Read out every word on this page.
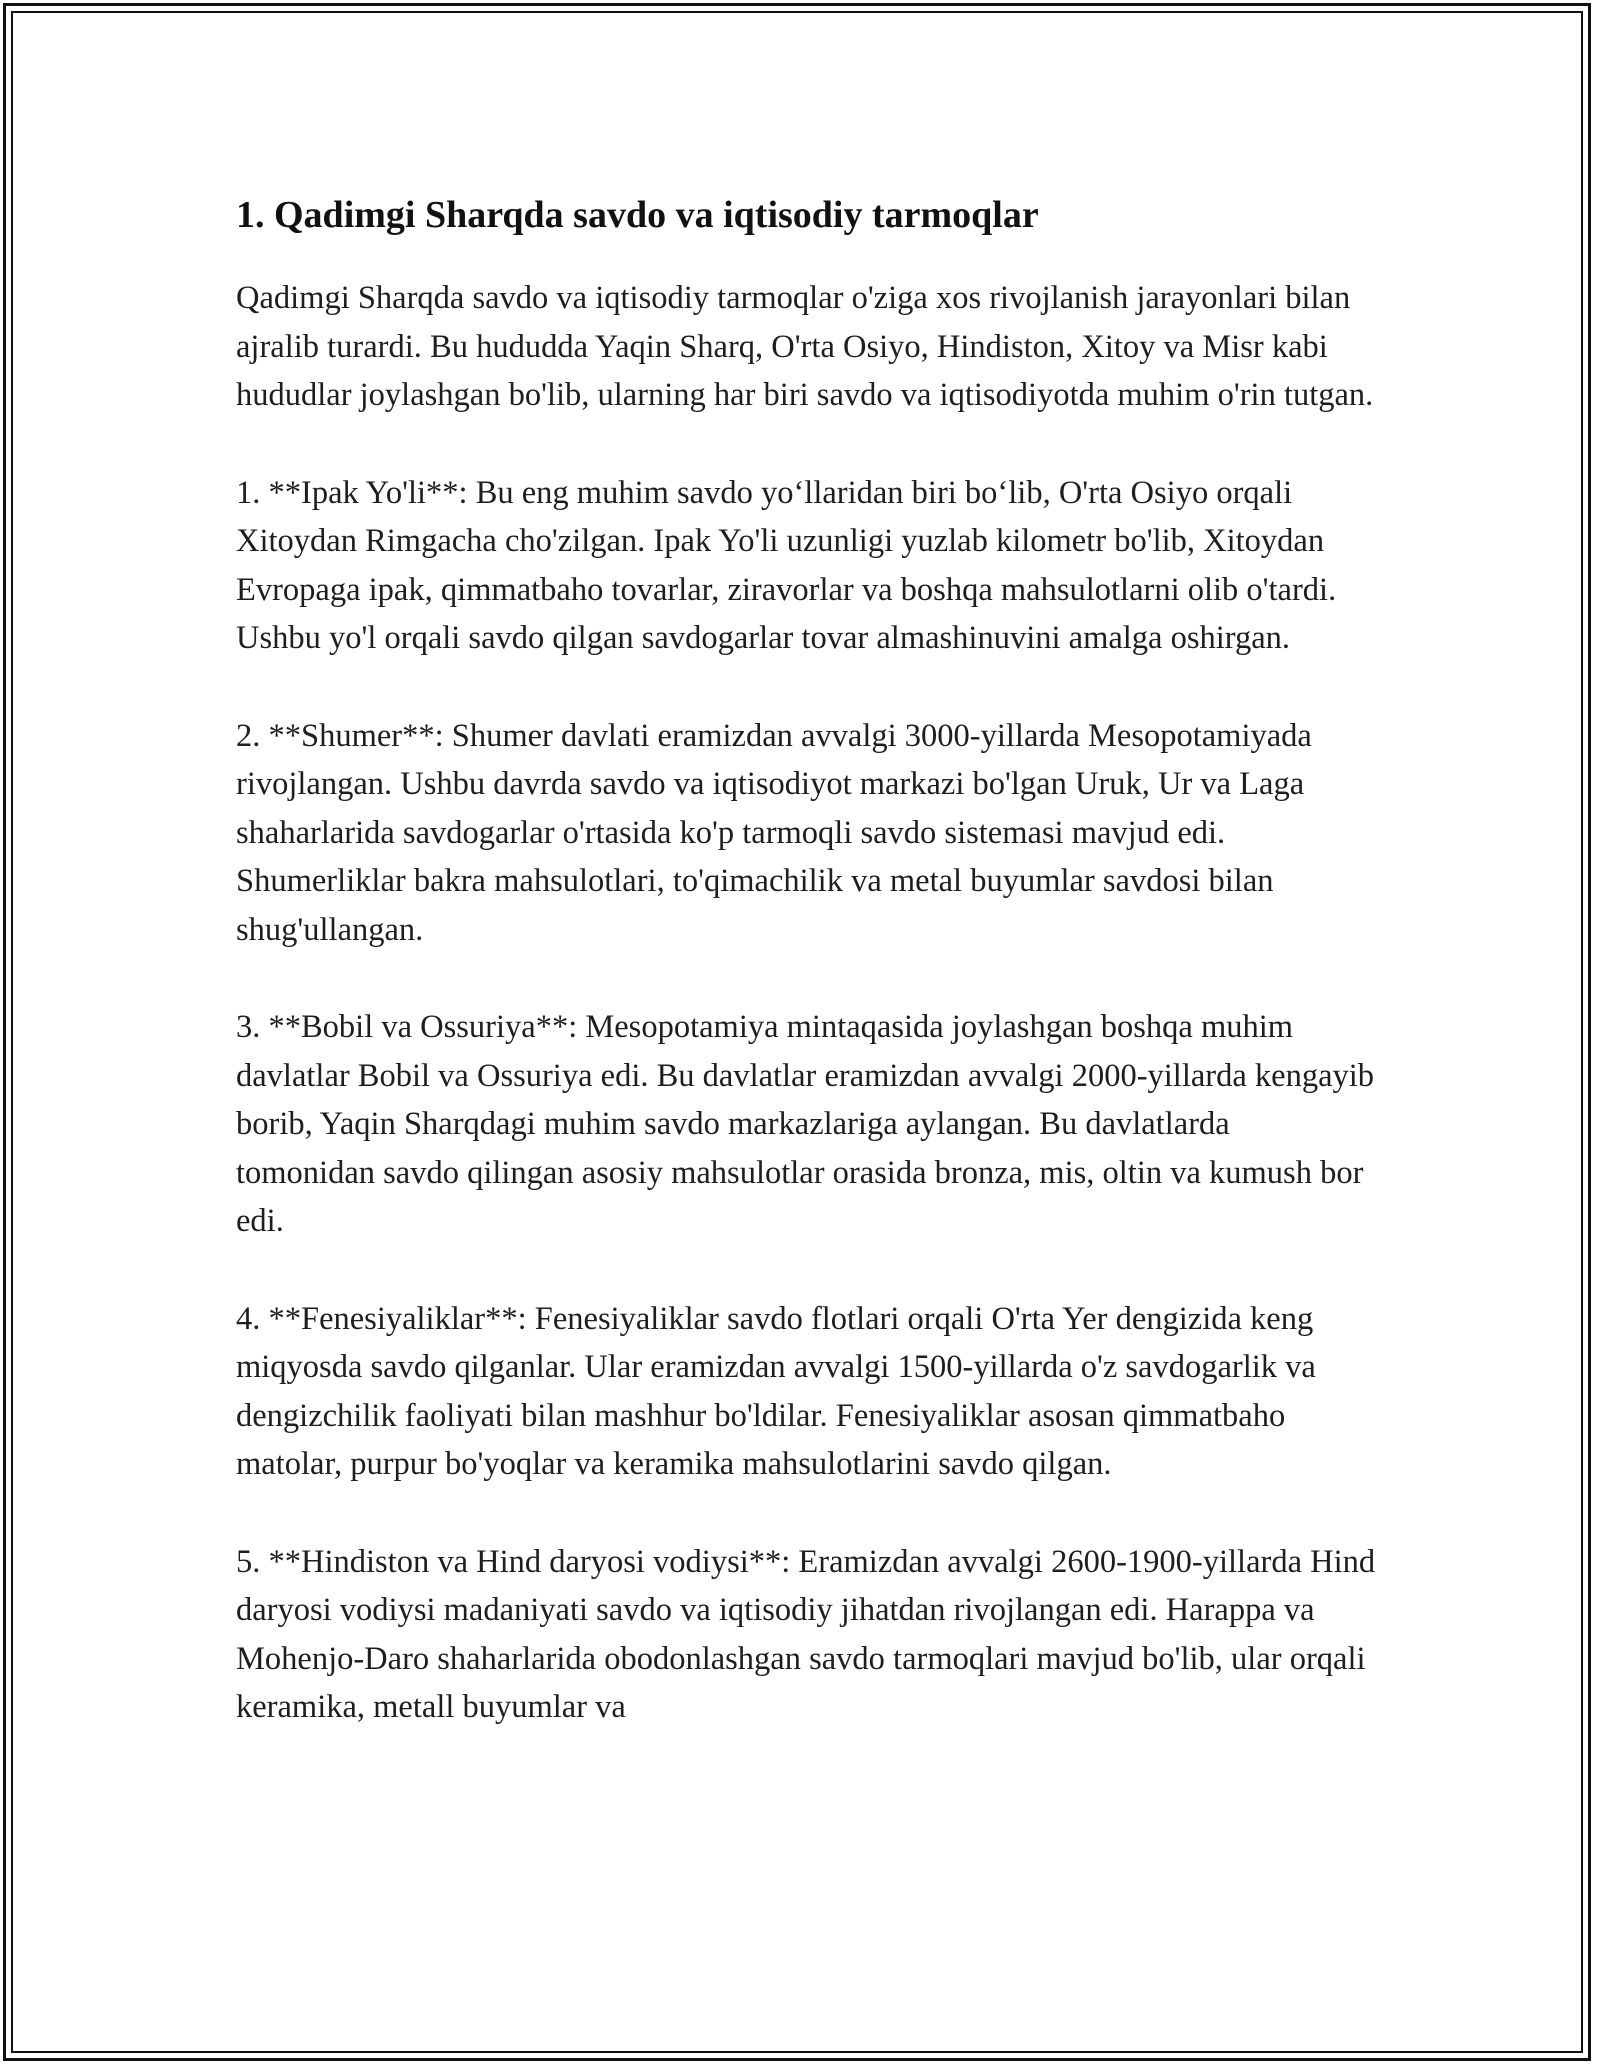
1. Qadimgi Sharqda savdo va iqtisodiy tarmoqlar

Qadimgi Sharqda savdo va iqtisodiy tarmoqlar o'ziga xos rivojlanish jarayonlari bilan ajralib turardi. Bu hududda Yaqin Sharq, O'rta Osiyo, Hindiston, Xitoy va Misr kabi hududlar joylashgan bo'lib, ularning har biri savdo va iqtisodiyotda muhim o'rin tutgan.

1. **Ipak Yo'li**: Bu eng muhim savdo yo‘llaridan biri bo‘lib, O'rta Osiyo orqali Xitoydan Rimgacha cho'zilgan. Ipak Yo'li uzunligi yuzlab kilometr bo'lib, Xitoydan Evropaga ipak, qimmatbaho tovarlar, ziravorlar va boshqa mahsulotlarni olib o'tardi. Ushbu yo'l orqali savdo qilgan savdogarlar tovar almashinuvini amalga oshirgan.

2. **Shumer**: Shumer davlati eramizdan avvalgi 3000-yillarda Mesopotamiyada rivojlangan. Ushbu davrda savdo va iqtisodiyot markazi bo'lgan Uruk, Ur va Laga shaharlarida savdogarlar o'rtasida ko'p tarmoqli savdo sistemasi mavjud edi. Shumerliklar bakra mahsulotlari, to'qimachilik va metal buyumlar savdosi bilan shug'ullangan.

3. **Bobil va Ossuriya**: Mesopotamiya mintaqasida joylashgan boshqa muhim davlatlar Bobil va Ossuriya edi. Bu davlatlar eramizdan avvalgi 2000-yillarda kengayib borib, Yaqin Sharqdagi muhim savdo markazlariga aylangan. Bu davlatlarda tomonidan savdo qilingan asosiy mahsulotlar orasida bronza, mis, oltin va kumush bor edi.

4. **Fenesiyaliklar**: Fenesiyaliklar savdo flotlari orqali O'rta Yer dengizida keng miqyosda savdo qilganlar. Ular eramizdan avvalgi 1500-yillarda o'z savdogarlik va dengizchilik faoliyati bilan mashhur bo'ldilar. Fenesiyaliklar asosan qimmatbaho matolar, purpur bo'yoqlar va keramika mahsulotlarini savdo qilgan.

5. **Hindiston va Hind daryosi vodiysi**: Eramizdan avvalgi 2600-1900-yillarda Hind daryosi vodiysi madaniyati savdo va iqtisodiy jihatdan rivojlangan edi. Harappa va Mohenjo-Daro shaharlarida obodonlashgan savdo tarmoqlari mavjud bo'lib, ular orqali keramika, metall buyumlar va
